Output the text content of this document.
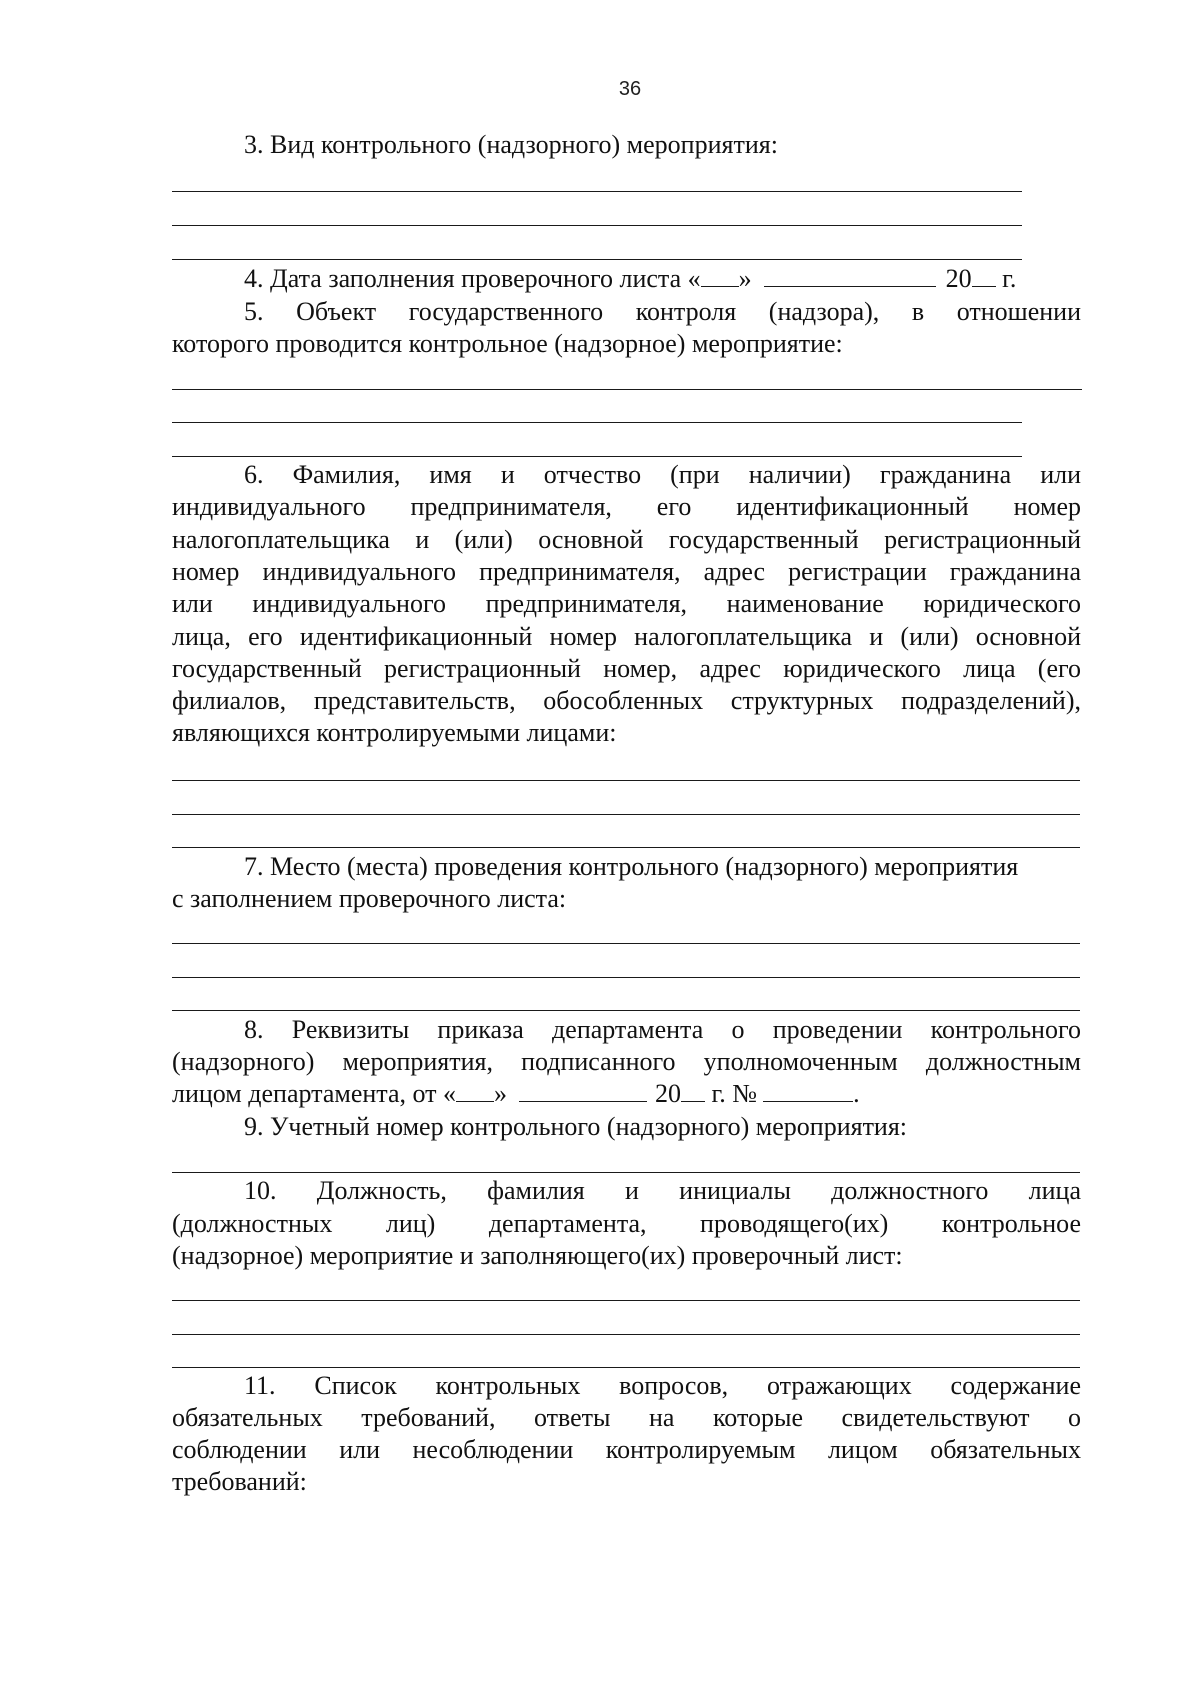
36
3. Вид контрольного (надзорного) мероприятия:
4. Дата заполнения проверочного листа « »	20 г.
5. Объект государственного контроля (надзора), в отношении
которого проводится контрольное (надзорное) мероприятие:
6. Фамилия, имя и отчество (при наличии) гражданина или
индивидуального предпринимателя, его идентификационный номер
налогоплательщика и (или) основной государственный регистрационный
номер индивидуального предпринимателя, адрес регистрации гражданина
или индивидуального предпринимателя, наименование юридического
лица, его идентификационный номер налогоплательщика и (или) основной
государственный регистрационный номер, адрес юридического лица (его
филиалов, представительств, обособленных структурных подразделений),
являющихся контролируемыми лицами:
7. Место (места) проведения контрольного (надзорного) мероприятия
с заполнением проверочного листа:
8. Реквизиты приказа департамента о проведении контрольного
(надзорного) мероприятия, подписанного уполномоченным должностным
лицом департамента, от « »	20 г. №	.
9. Учетный номер контрольного (надзорного) мероприятия:
10. Должность, фамилия и инициалы должностного лица
(должностных лиц) департамента, проводящего(их) контрольное
(надзорное) мероприятие и заполняющего(их) проверочный лист:
11. Список контрольных вопросов, отражающих содержание
обязательных требований, ответы на которые свидетельствуют о
соблюдении или несоблюдении контролируемым лицом обязательных
требований:
